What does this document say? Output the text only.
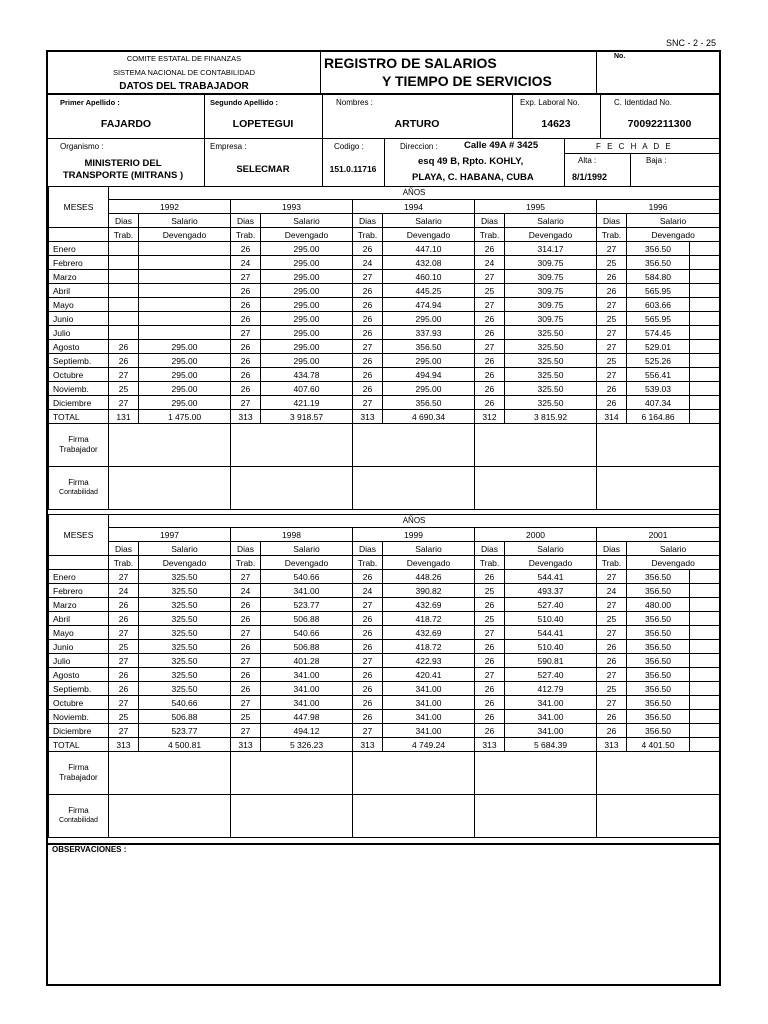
SNC - 2 - 25
COMITE ESTATAL DE FINANZAS
SISTEMA NACIONAL DE CONTABILIDAD
DATOS DEL TRABAJADOR
REGISTRO DE SALARIOS
Y TIEMPO DE SERVICIOS
No.
Primer Apellido :
FAJARDO
Segundo Apellido :
LOPETEGUI
Nombres :
ARTURO
Exp. Laboral No.
14623
C. Identidad No.
70092211300
Organismo :
MINISTERIO DEL
TRANSPORTE (MITRANS )
Empresa :
SELECMAR
Codigo :
151.0.11716
Direccion :	Calle 49A # 3425
esq 49 B, Rpto. KOHLY,
PLAYA, C. HABANA, CUBA
F E C H A D E
Alta :
8/1/1992
Baja :
MESES	AÑOS										
	1992		1993		1994		1995		1996		
	Dias	Salario	Dias	Salario	Dias	Salario	Dias	Salario	Dias	Salario	
	Trab.	Devengado	Trab.	Devengado	Trab.	Devengado	Trab.	Devengado	Trab.	Devengado	
Enero			26	295.00	26	447.10	26	314.17	27	356.50	
Febrero			24	295.00	24	432.08	24	309.75	25	356.50	
Marzo			27	295.00	27	460.10	27	309.75	26	584.80	
Abril			26	295.00	26	445.25	25	309.75	26	565.95	
Mayo			26	295.00	26	474.94	27	309.75	27	603.66	
Junio			26	295.00	26	295.00	26	309.75	25	565.95	
Julio			27	295.00	26	337.93	26	325.50	27	574.45	
Agosto	26	295.00	26	295.00	27	356.50	27	325.50	27	529.01	
Septiemb.	26	295.00	26	295.00	26	295.00	26	325.50	25	525.26	
Octubre	27	295.00	26	434.78	26	494.94	26	325.50	27	556.41	
Noviemb.	25	295.00	26	407.60	26	295.00	26	325.50	26	539.03	
Diciembre	27	295.00	27	421.19	27	356.50	26	325.50	26	407.34	
TOTAL	131	1 475.00	313	3 918.57	313	4 690.34	312	3 815.92	314	6 164.86	

Firma
Trabajador											

Firma
Contabilidad											

MESES	AÑOS										
	1997		1998		1999		2000		2001		
	Dias	Salario	Dias	Salario	Dias	Salario	Dias	Salario	Dias	Salario	
	Trab.	Devengado	Trab.	Devengado	Trab.	Devengado	Trab.	Devengado	Trab.	Devengado	
Enero	27	325.50	27	540.66	26	448.26	26	544.41	27	356.50	
Febrero	24	325.50	24	341.00	24	390.82	25	493.37	24	356.50	
Marzo	26	325.50	26	523.77	27	432.69	26	527.40	27	480.00	
Abril	26	325.50	26	506.88	26	418.72	25	510.40	25	356.50	
Mayo	27	325.50	27	540.66	26	432.69	27	544.41	27	356.50	
Junio	25	325.50	26	506.88	26	418.72	26	510.40	26	356.50	
Julio	27	325.50	27	401.28	27	422.93	26	590.81	26	356.50	
Agosto	26	325.50	26	341.00	26	420.41	27	527.40	27	356.50	
Septiemb.	26	325.50	26	341.00	26	341.00	26	412.79	25	356.50	
Octubre	27	540.66	27	341.00	26	341.00	26	341.00	27	356.50	
Noviemb.	25	506.88	25	447.98	26	341.00	26	341.00	26	356.50	
Diciembre	27	523.77	27	494.12	27	341.00	26	341.00	26	356.50	
TOTAL	313	4 500.81	313	5 326.23	313	4 749.24	313	5 684.39	313	4 401.50	

Firma
Trabajador											

Firma
Contabilidad											

OBSERVACIONES :
